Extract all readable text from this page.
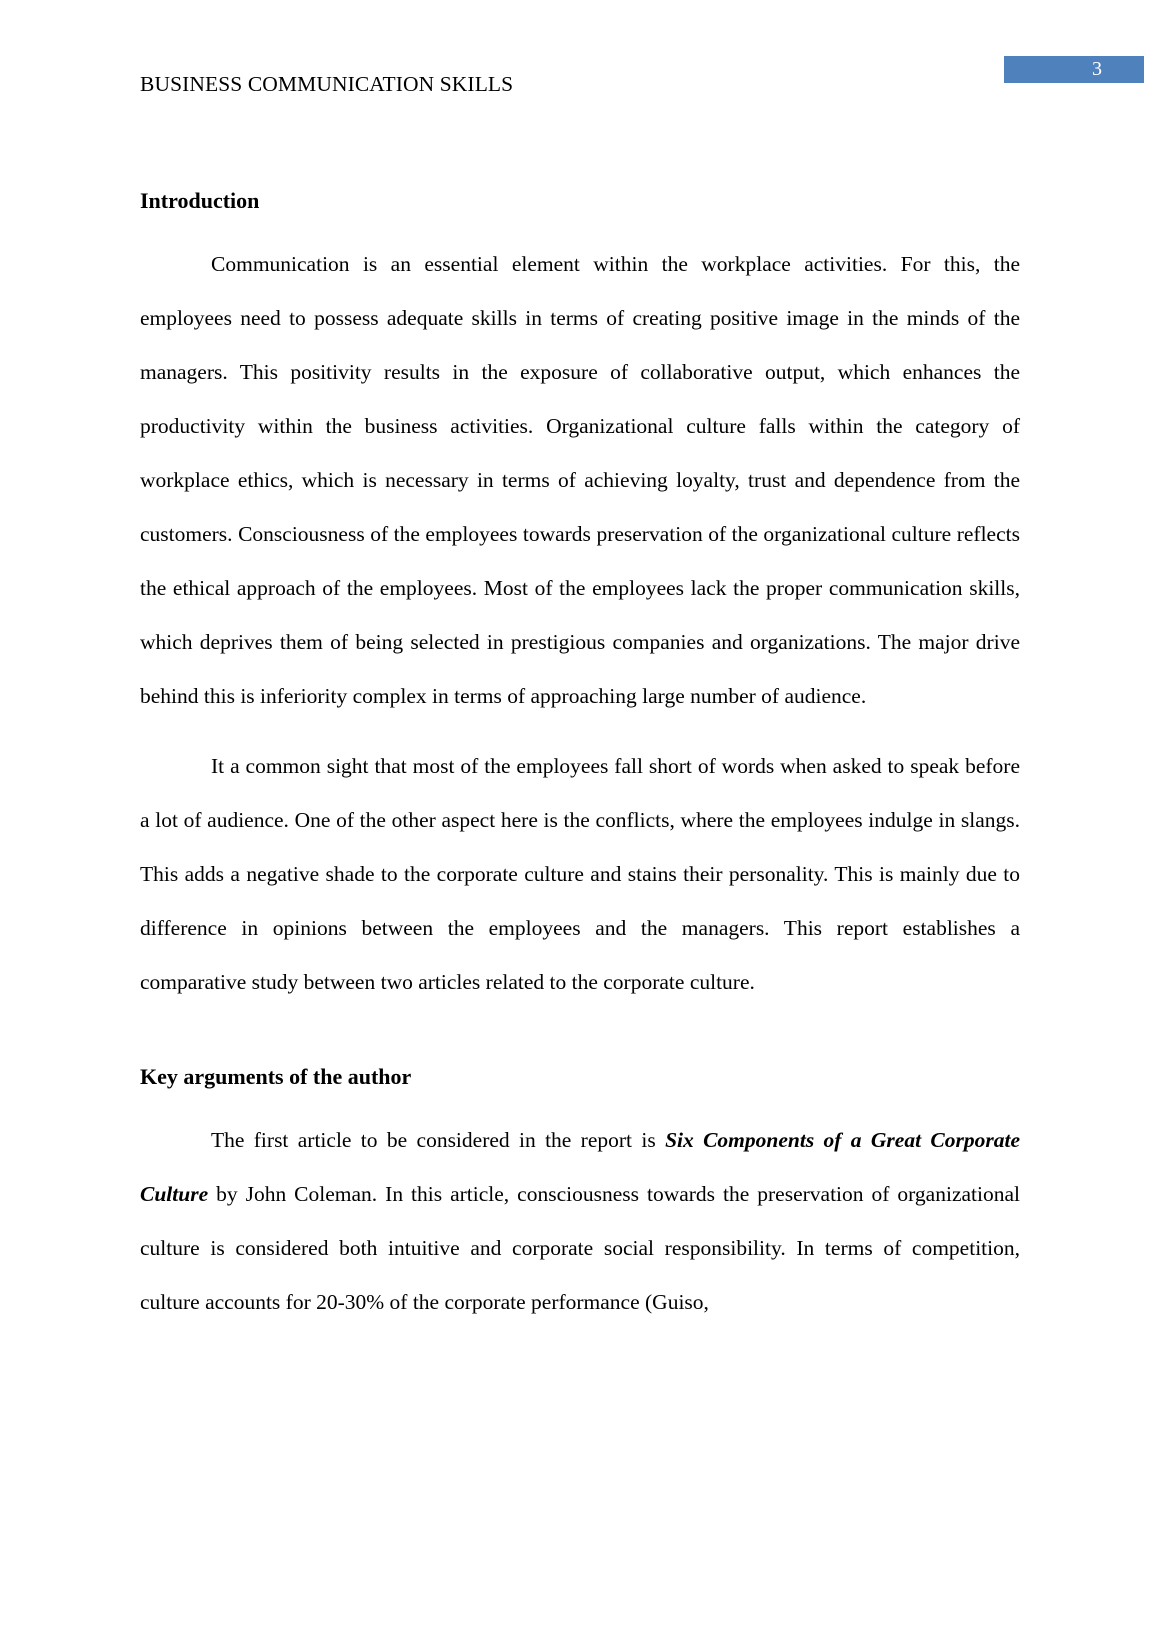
3
BUSINESS COMMUNICATION SKILLS
Introduction

Communication is an essential element within the workplace activities. For this, the employees need to possess adequate skills in terms of creating positive image in the minds of the managers. This positivity results in the exposure of collaborative output, which enhances the productivity within the business activities. Organizational culture falls within the category of workplace ethics, which is necessary in terms of achieving loyalty, trust and dependence from the customers. Consciousness of the employees towards preservation of the organizational culture reflects the ethical approach of the employees. Most of the employees lack the proper communication skills, which deprives them of being selected in prestigious companies and organizations. The major drive behind this is inferiority complex in terms of approaching large number of audience.

It a common sight that most of the employees fall short of words when asked to speak before a lot of audience. One of the other aspect here is the conflicts, where the employees indulge in slangs. This adds a negative shade to the corporate culture and stains their personality. This is mainly due to difference in opinions between the employees and the managers. This report establishes a comparative study between two articles related to the corporate culture.

Key arguments of the author

The first article to be considered in the report is Six Components of a Great Corporate Culture by John Coleman. In this article, consciousness towards the preservation of organizational culture is considered both intuitive and corporate social responsibility. In terms of competition, culture accounts for 20-30% of the corporate performance (Guiso,
